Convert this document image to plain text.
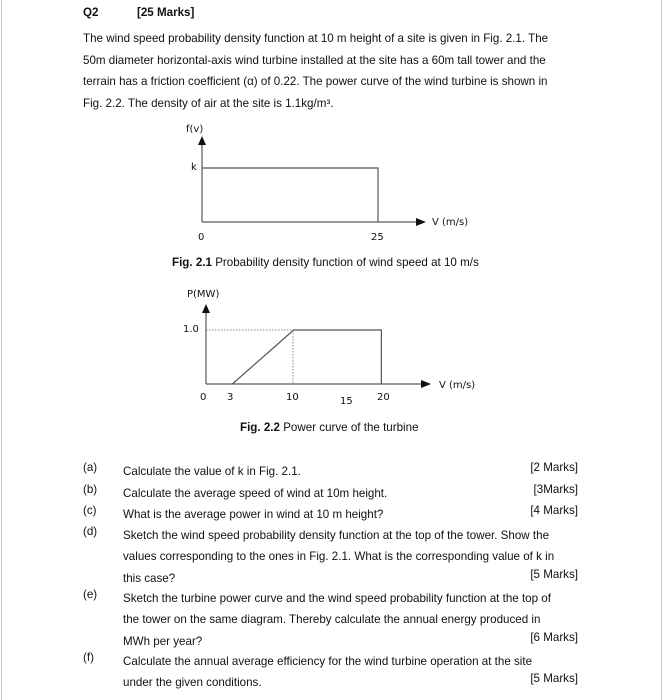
Q2	[25 Marks]
The wind speed probability density function at 10 m height of a site is given in Fig. 2.1. The
50m diameter horizontal-axis wind turbine installed at the site has a 60m tall tower and the
terrain has a friction coefficient (α) of 0.22. The power curve of the wind turbine is shown in
Fig. 2.2. The density of air at the site is 1.1kg/m³.
f(v)
V (m/s)
k
0	25
P(MW)
V (m/s)
1.0
0 3	10	15 20
Fig. 2.1 Probability density function of wind speed at 10 m/s
Fig. 2.2 Power curve of the turbine
(a) Calculate the value of k in Fig. 2.1.	[2 Marks]
(b) Calculate the average speed of wind at 10m height.	[3Marks]
(c) What is the average power in wind at 10 m height?	[4 Marks]
(d) Sketch the wind speed probability density function at the top of the tower. Show the
values corresponding to the ones in Fig. 2.1. What is the corresponding value of k in
this case?	[5 Marks]
(e) Sketch the turbine power curve and the wind speed probability function at the top of
the tower on the same diagram. Thereby calculate the annual energy produced in
MWh per year?	[6 Marks]
(f)	Calculate the annual average efficiency for the wind turbine operation at the site
under the given conditions.	[5 Marks]
